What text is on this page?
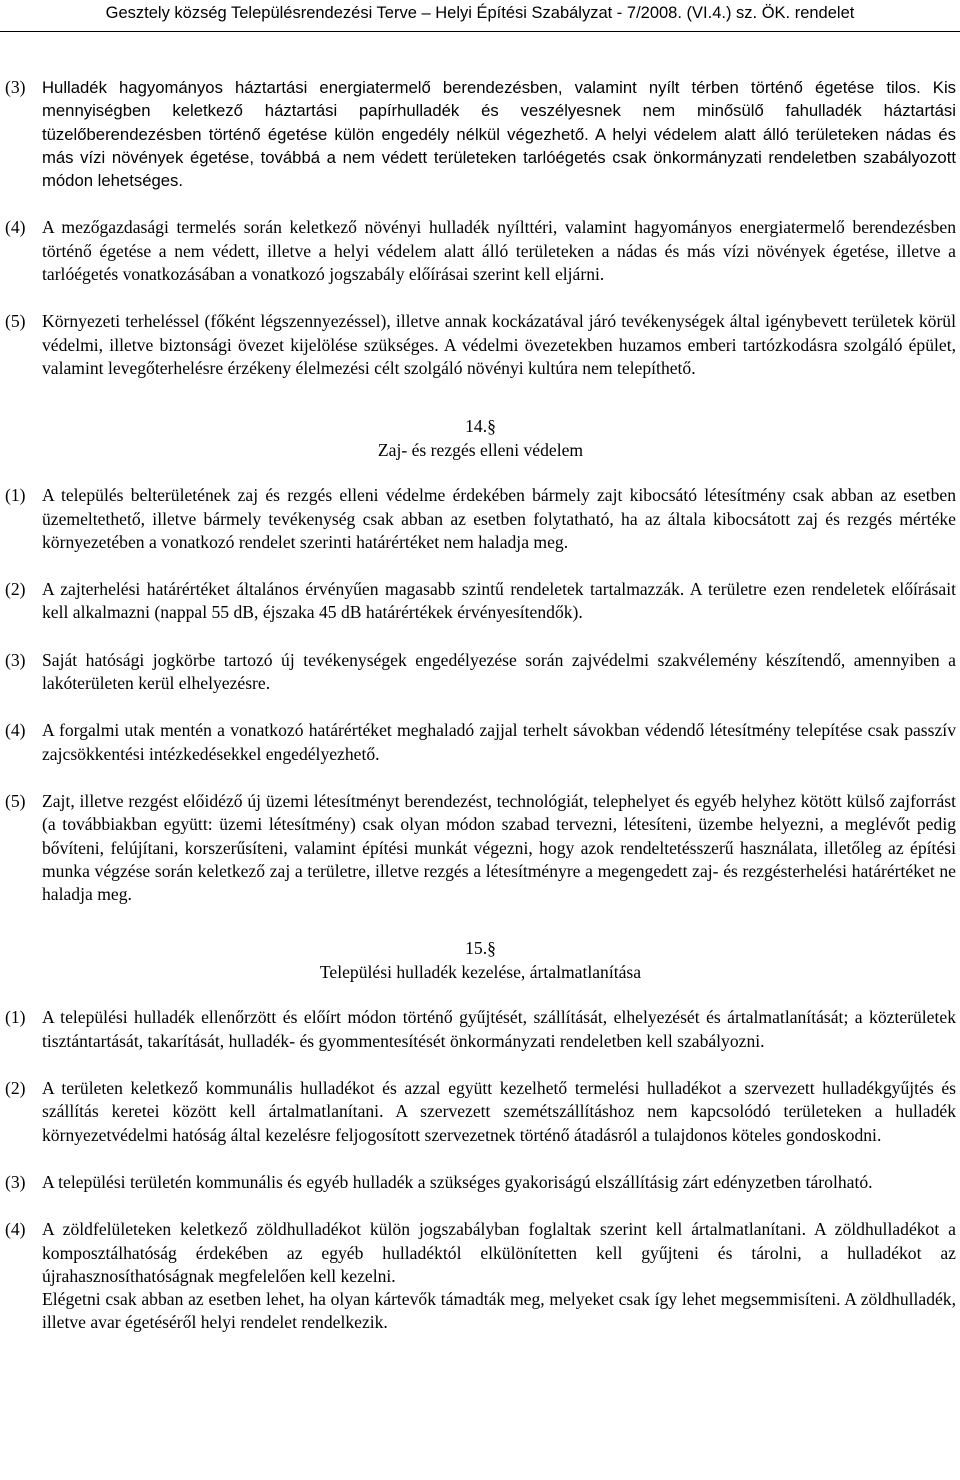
Gesztely község Településrendezési Terve – Helyi Építési Szabályzat - 7/2008. (VI.4.) sz. ÖK. rendelet
(3) Hulladék hagyományos háztartási energiatermelő berendezésben, valamint nyílt térben történő égetése tilos. Kis mennyiségben keletkező háztartási papírhulladék és veszélyesnek nem minősülő fahulladék háztartási tüzelőberendezésben történő égetése külön engedély nélkül végezhető. A helyi védelem alatt álló területeken nádas és más vízi növények égetése, továbbá a nem védett területeken tarlóégetés csak önkormányzati rendeletben szabályozott módon lehetséges.
(4) A mezőgazdasági termelés során keletkező növényi hulladék nyílttéri, valamint hagyományos energiatermelő berendezésben történő égetése a nem védett, illetve a helyi védelem alatt álló területeken a nádas és más vízi növények égetése, illetve a tarlóégetés vonatkozásában a vonatkozó jogszabály előírásai szerint kell eljárni.
(5) Környezeti terheléssel (főként légszennyezéssel), illetve annak kockázatával járó tevékenységek által igénybevett területek körül védelmi, illetve biztonsági övezet kijelölése szükséges. A védelmi övezetekben huzamos emberi tartózkodásra szolgáló épület, valamint levegőterhelésre érzékeny élelmezési célt szolgáló növényi kultúra nem telepíthető.
14.§
Zaj- és rezgés elleni védelem
(1) A település belterületének zaj és rezgés elleni védelme érdekében bármely zajt kibocsátó létesítmény csak abban az esetben üzemeltethető, illetve bármely tevékenység csak abban az esetben folytatható, ha az általa kibocsátott zaj és rezgés mértéke környezetében a vonatkozó rendelet szerinti határértéket nem haladja meg.
(2) A zajterhelési határértéket általános érvényűen magasabb szintű rendeletek tartalmazzák. A területre ezen rendeletek előírásait kell alkalmazni (nappal 55 dB, éjszaka 45 dB határértékek érvényesítendők).
(3) Saját hatósági jogkörbe tartozó új tevékenységek engedélyezése során zajvédelmi szakvélemény készítendő, amennyiben a lakóterületen kerül elhelyezésre.
(4) A forgalmi utak mentén a vonatkozó határértéket meghaladó zajjal terhelt sávokban védendő létesítmény telepítése csak passzív zajcsökkentési intézkedésekkel engedélyezhető.
(5) Zajt, illetve rezgést előidéző új üzemi létesítményt berendezést, technológiát, telephelyet és egyéb helyhez kötött külső zajforrást (a továbbiakban együtt: üzemi létesítmény) csak olyan módon szabad tervezni, létesíteni, üzembe helyezni, a meglévőt pedig bővíteni, felújítani, korszerűsíteni, valamint építési munkát végezni, hogy azok rendeltetésszerű használata, illetőleg az építési munka végzése során keletkező zaj a területre, illetve rezgés a létesítményre a megengedett zaj- és rezgésterhelési határértéket ne haladja meg.
15.§
Települési hulladék kezelése, ártalmatlanítása
(1) A települési hulladék ellenőrzött és előírt módon történő gyűjtését, szállítását, elhelyezését és ártalmatlanítását; a közterületek tisztántartását, takarítását, hulladék- és gyommentesítését önkormányzati rendeletben kell szabályozni.
(2) A területen keletkező kommunális hulladékot és azzal együtt kezelhető termelési hulladékot a szervezett hulladékgyűjtés és szállítás keretei között kell ártalmatlanítani. A szervezett szemétszállításhoz nem kapcsolódó területeken a hulladék környezetvédelmi hatóság által kezelésre feljogosított szervezetnek történő átadásról a tulajdonos köteles gondoskodni.
(3) A települési területén kommunális és egyéb hulladék a szükséges gyakoriságú elszállításig zárt edényzetben tárolható.
(4) A zöldfelületeken keletkező zöldhulladékot külön jogszabályban foglaltak szerint kell ártalmatlanítani. A zöldhulladékot a komposztálhatóság érdekében az egyéb hulladéktól elkülönítetten kell gyűjteni és tárolni, a hulladékot az újrahasznosíthatóságnak megfelelően kell kezelni.
Elégetni csak abban az esetben lehet, ha olyan kártevők támadták meg, melyeket csak így lehet megsemmisíteni. A zöldhulladék, illetve avar égetéséről helyi rendelet rendelkezik.
